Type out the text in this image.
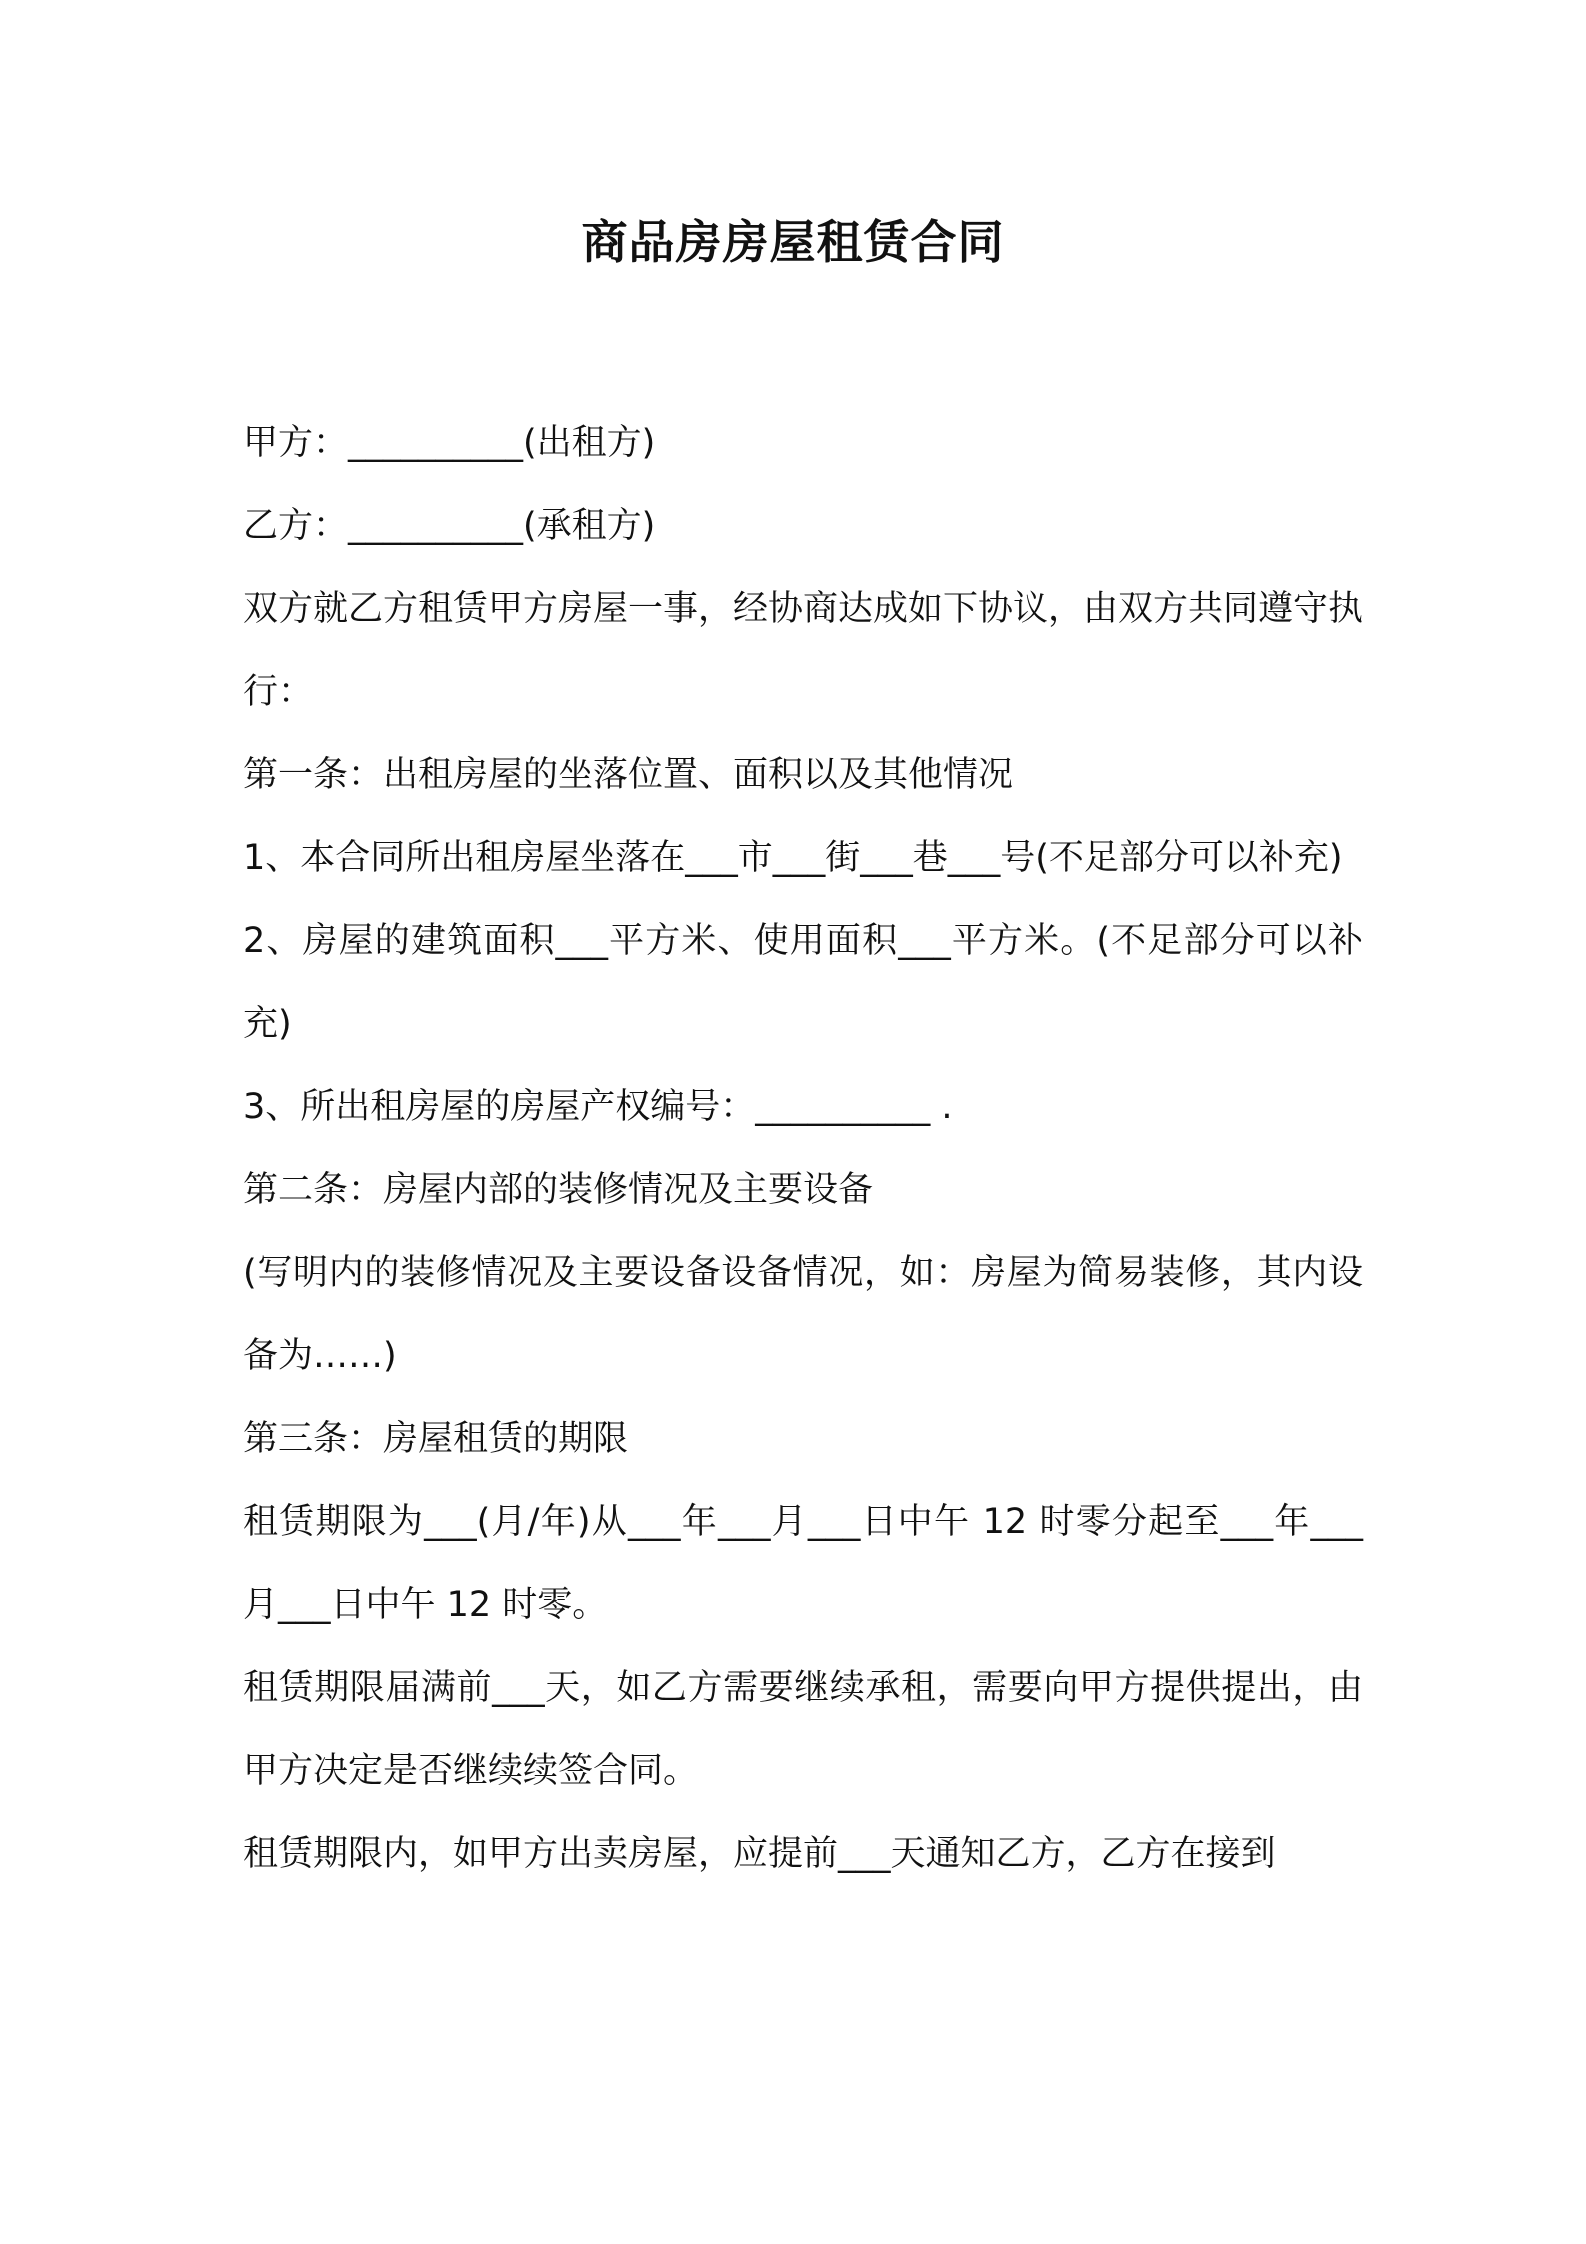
商品房房屋租赁合同

甲方：__________(出租方)

乙方：__________(承租方)

双方就乙方租赁甲方房屋一事，经协商达成如下协议，由双方共同遵守执行：

第一条：出租房屋的坐落位置、面积以及其他情况

1、本合同所出租房屋坐落在___市___街___巷___号(不足部分可以补充)

2、房屋的建筑面积___平方米、使用面积___平方米。(不足部分可以补充)

3、所出租房屋的房屋产权编号：__________ .

第二条：房屋内部的装修情况及主要设备

(写明内的装修情况及主要设备设备情况，如：房屋为简易装修，其内设备为……)

第三条：房屋租赁的期限

租赁期限为___(月/年)从___年___月___日中午 12 时零分起至___年___月___日中午 12 时零。

租赁期限届满前___天，如乙方需要继续承租，需要向甲方提供提出，由甲方决定是否继续续签合同。

租赁期限内，如甲方出卖房屋，应提前___天通知乙方，乙方在接到
